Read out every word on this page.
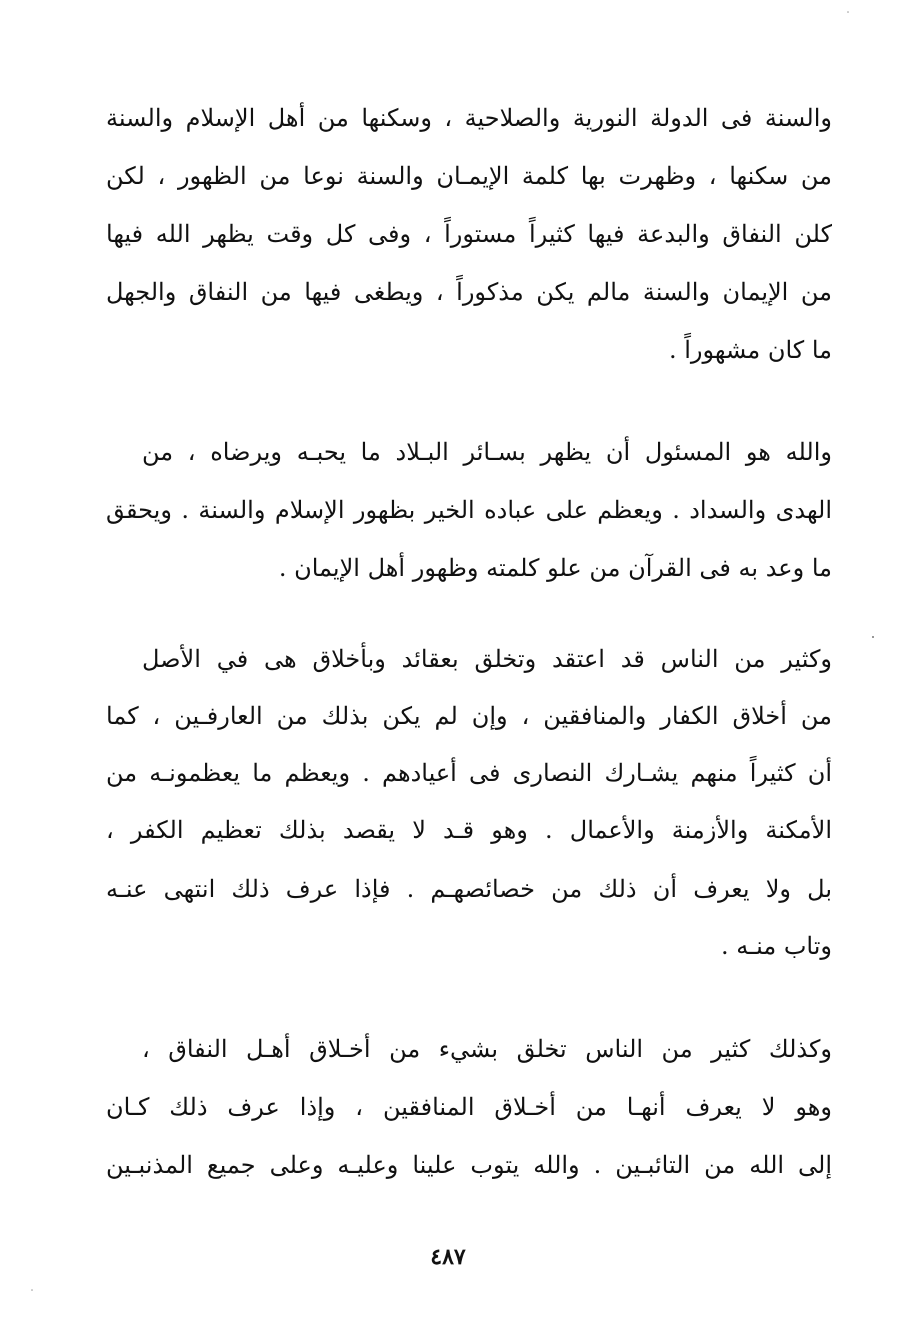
والسنة فى الدولة النورية والصلاحية ، وسكنها من أهل الإسلام والسنة
من سكنها ، وظهرت بها كلمة الإيمـان والسنة نوعا من الظهور ، لكن
كلن النفاق والبدعة فيها كثيراً مستوراً ، وفى كل وقت يظهر الله فيها
من الإيمان والسنة مالم يكن مذكوراً ، ويطغى فيها من النفاق والجهل
ما كان مشهوراً .
والله هو المسئول أن يظهر بسـائر البـلاد ما يحبـه ويرضاه ، من
الهدى والسداد . ويعظم على عباده الخير بظهور الإسلام والسنة . ويحقق
ما وعد به فى القرآن من علو كلمته وظهور أهل الإيمان .
وكثير من الناس قد اعتقد وتخلق بعقائد وبأخلاق هى في الأصل
من أخلاق الكفار والمنافقين ، وإن لم يكن بذلك من العارفـين ، كما
أن كثيراً منهم يشـارك النصارى فى أعيادهم . ويعظم ما يعظمونـه من
الأمكنة والأزمنة والأعمال . وهو قـد لا يقصد بذلك تعظيم الكفر ،
بل ولا يعرف أن ذلك من خصائصهـم . فإذا عرف ذلك انتهى عنـه
وتاب منـه .
وكذلك كثير من الناس تخلق بشيء من أخـلاق أهـل النفاق ،
وهو لا يعرف أنهـا من أخـلاق المنافقين ، وإذا عرف ذلك كـان
إلى الله من التائبـين . والله يتوب علينا وعليـه وعلى جميع المذنبـين
٤٨٧
